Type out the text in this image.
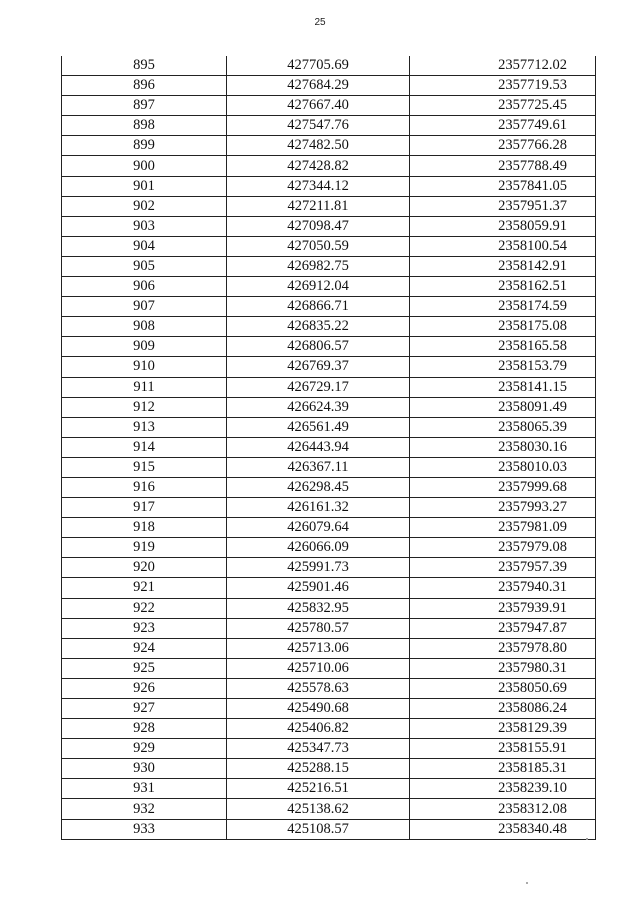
25
895	427705.69	2357712.02
896	427684.29	2357719.53
897	427667.40	2357725.45
898	427547.76	2357749.61
899	427482.50	2357766.28
900	427428.82	2357788.49
901	427344.12	2357841.05
902	427211.81	2357951.37
903	427098.47	2358059.91
904	427050.59	2358100.54
905	426982.75	2358142.91
906	426912.04	2358162.51
907	426866.71	2358174.59
908	426835.22	2358175.08
909	426806.57	2358165.58
910	426769.37	2358153.79
911	426729.17	2358141.15
912	426624.39	2358091.49
913	426561.49	2358065.39
914	426443.94	2358030.16
915	426367.11	2358010.03
916	426298.45	2357999.68
917	426161.32	2357993.27
918	426079.64	2357981.09
919	426066.09	2357979.08
920	425991.73	2357957.39
921	425901.46	2357940.31
922	425832.95	2357939.91
923	425780.57	2357947.87
924	425713.06	2357978.80
925	425710.06	2357980.31
926	425578.63	2358050.69
927	425490.68	2358086.24
928	425406.82	2358129.39
929	425347.73	2358155.91
930	425288.15	2358185.31
931	425216.51	2358239.10
932	425138.62	2358312.08
933	425108.57	2358340.48
